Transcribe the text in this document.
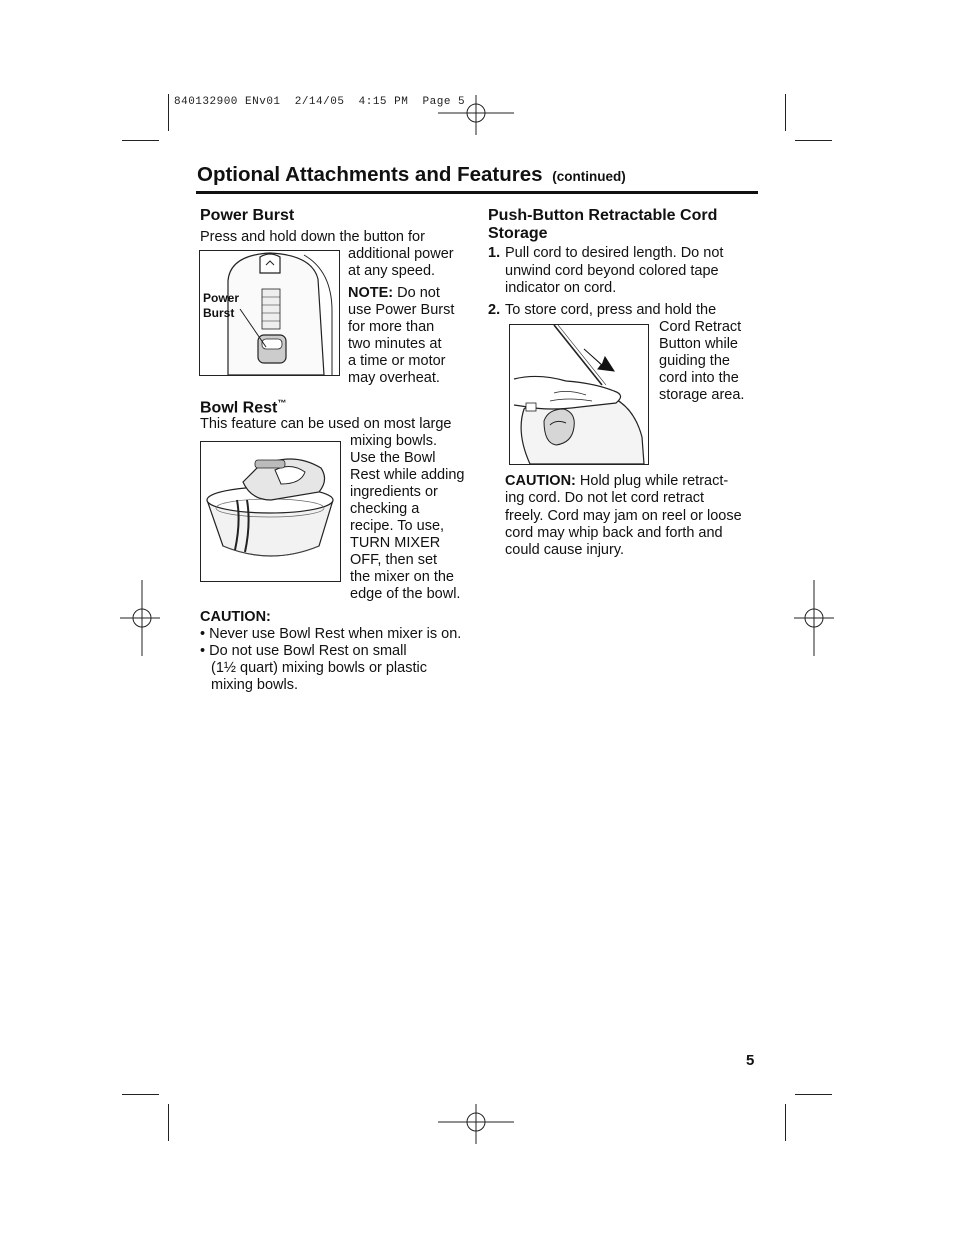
840132900 ENv01  2/14/05  4:15 PM  Page 5
Optional Attachments and Features (continued)
Power Burst
Press and hold down the button for
additional power
at any speed.
NOTE: Do not
use Power Burst
for more than
two minutes at
a time or motor
may overheat.
Power
Burst
Bowl Rest™
This feature can be used on most large
mixing bowls.
Use the Bowl
Rest while adding
ingredients or
checking a
recipe. To use,
TURN MIXER
OFF, then set
the mixer on the
edge of the bowl.
CAUTION:
• Never use Bowl Rest when mixer is on.
• Do not use Bowl Rest on small
(1½ quart) mixing bowls or plastic
mixing bowls.
Push-Button Retractable Cord
Storage
1. Pull cord to desired length. Do not
unwind cord beyond colored tape
indicator on cord.
2. To store cord, press and hold the
Cord Retract
Button while
guiding the
cord into the
storage area.
CAUTION: Hold plug while retract-
ing cord. Do not let cord retract
freely. Cord may jam on reel or loose
cord may whip back and forth and
could cause injury.
5
